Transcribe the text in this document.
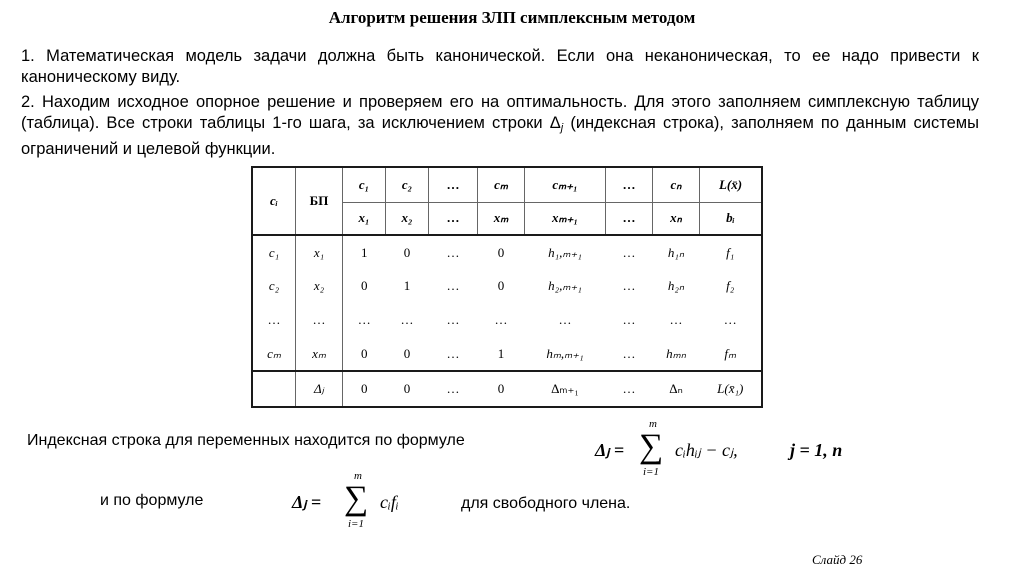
Алгоритм решения ЗЛП симплексным методом
1. Математическая модель задачи должна быть канонической. Если она неканоническая, то ее надо привести к каноническому виду.
2. Находим исходное опорное решение и проверяем его на оптимальность. Для этого заполняем симплексную таблицу (таблица). Все строки таблицы 1-го шага, за исключением строки $\Delta_j$ (индексная строка), заполняем по данным системы ограничений и целевой функции.
cᵢ	БП	c₁	c₂	…	cₘ	cₘ₊₁	…	cₙ	L(x̄)
		x₁	x₂	…	xₘ	xₘ₊₁	…	xₙ	bᵢ
c₁	x₁	1	0	…	0	h₁,ₘ₊₁	…	h₁ₙ	f₁
c₂	x₂	0	1	…	0	h₂,ₘ₊₁	…	h₂ₙ	f₂
…	…	…	…	…	…	…	…	…	…
cₘ	xₘ	0	0	…	1	hₘ,ₘ₊₁	…	hₘₙ	fₘ
	Δⱼ	0	0	…	0	Δₘ₊₁	…	Δₙ	L(x̄₁)
Индексная строка для переменных находится по формуле	Δⱼ =
m
∑
i=1
cᵢhᵢⱼ − cⱼ,	j = 1, n
и по формуле	Δⱼ =
m
∑
i=1
cᵢfᵢ	для свободного члена.
Слайд 26
